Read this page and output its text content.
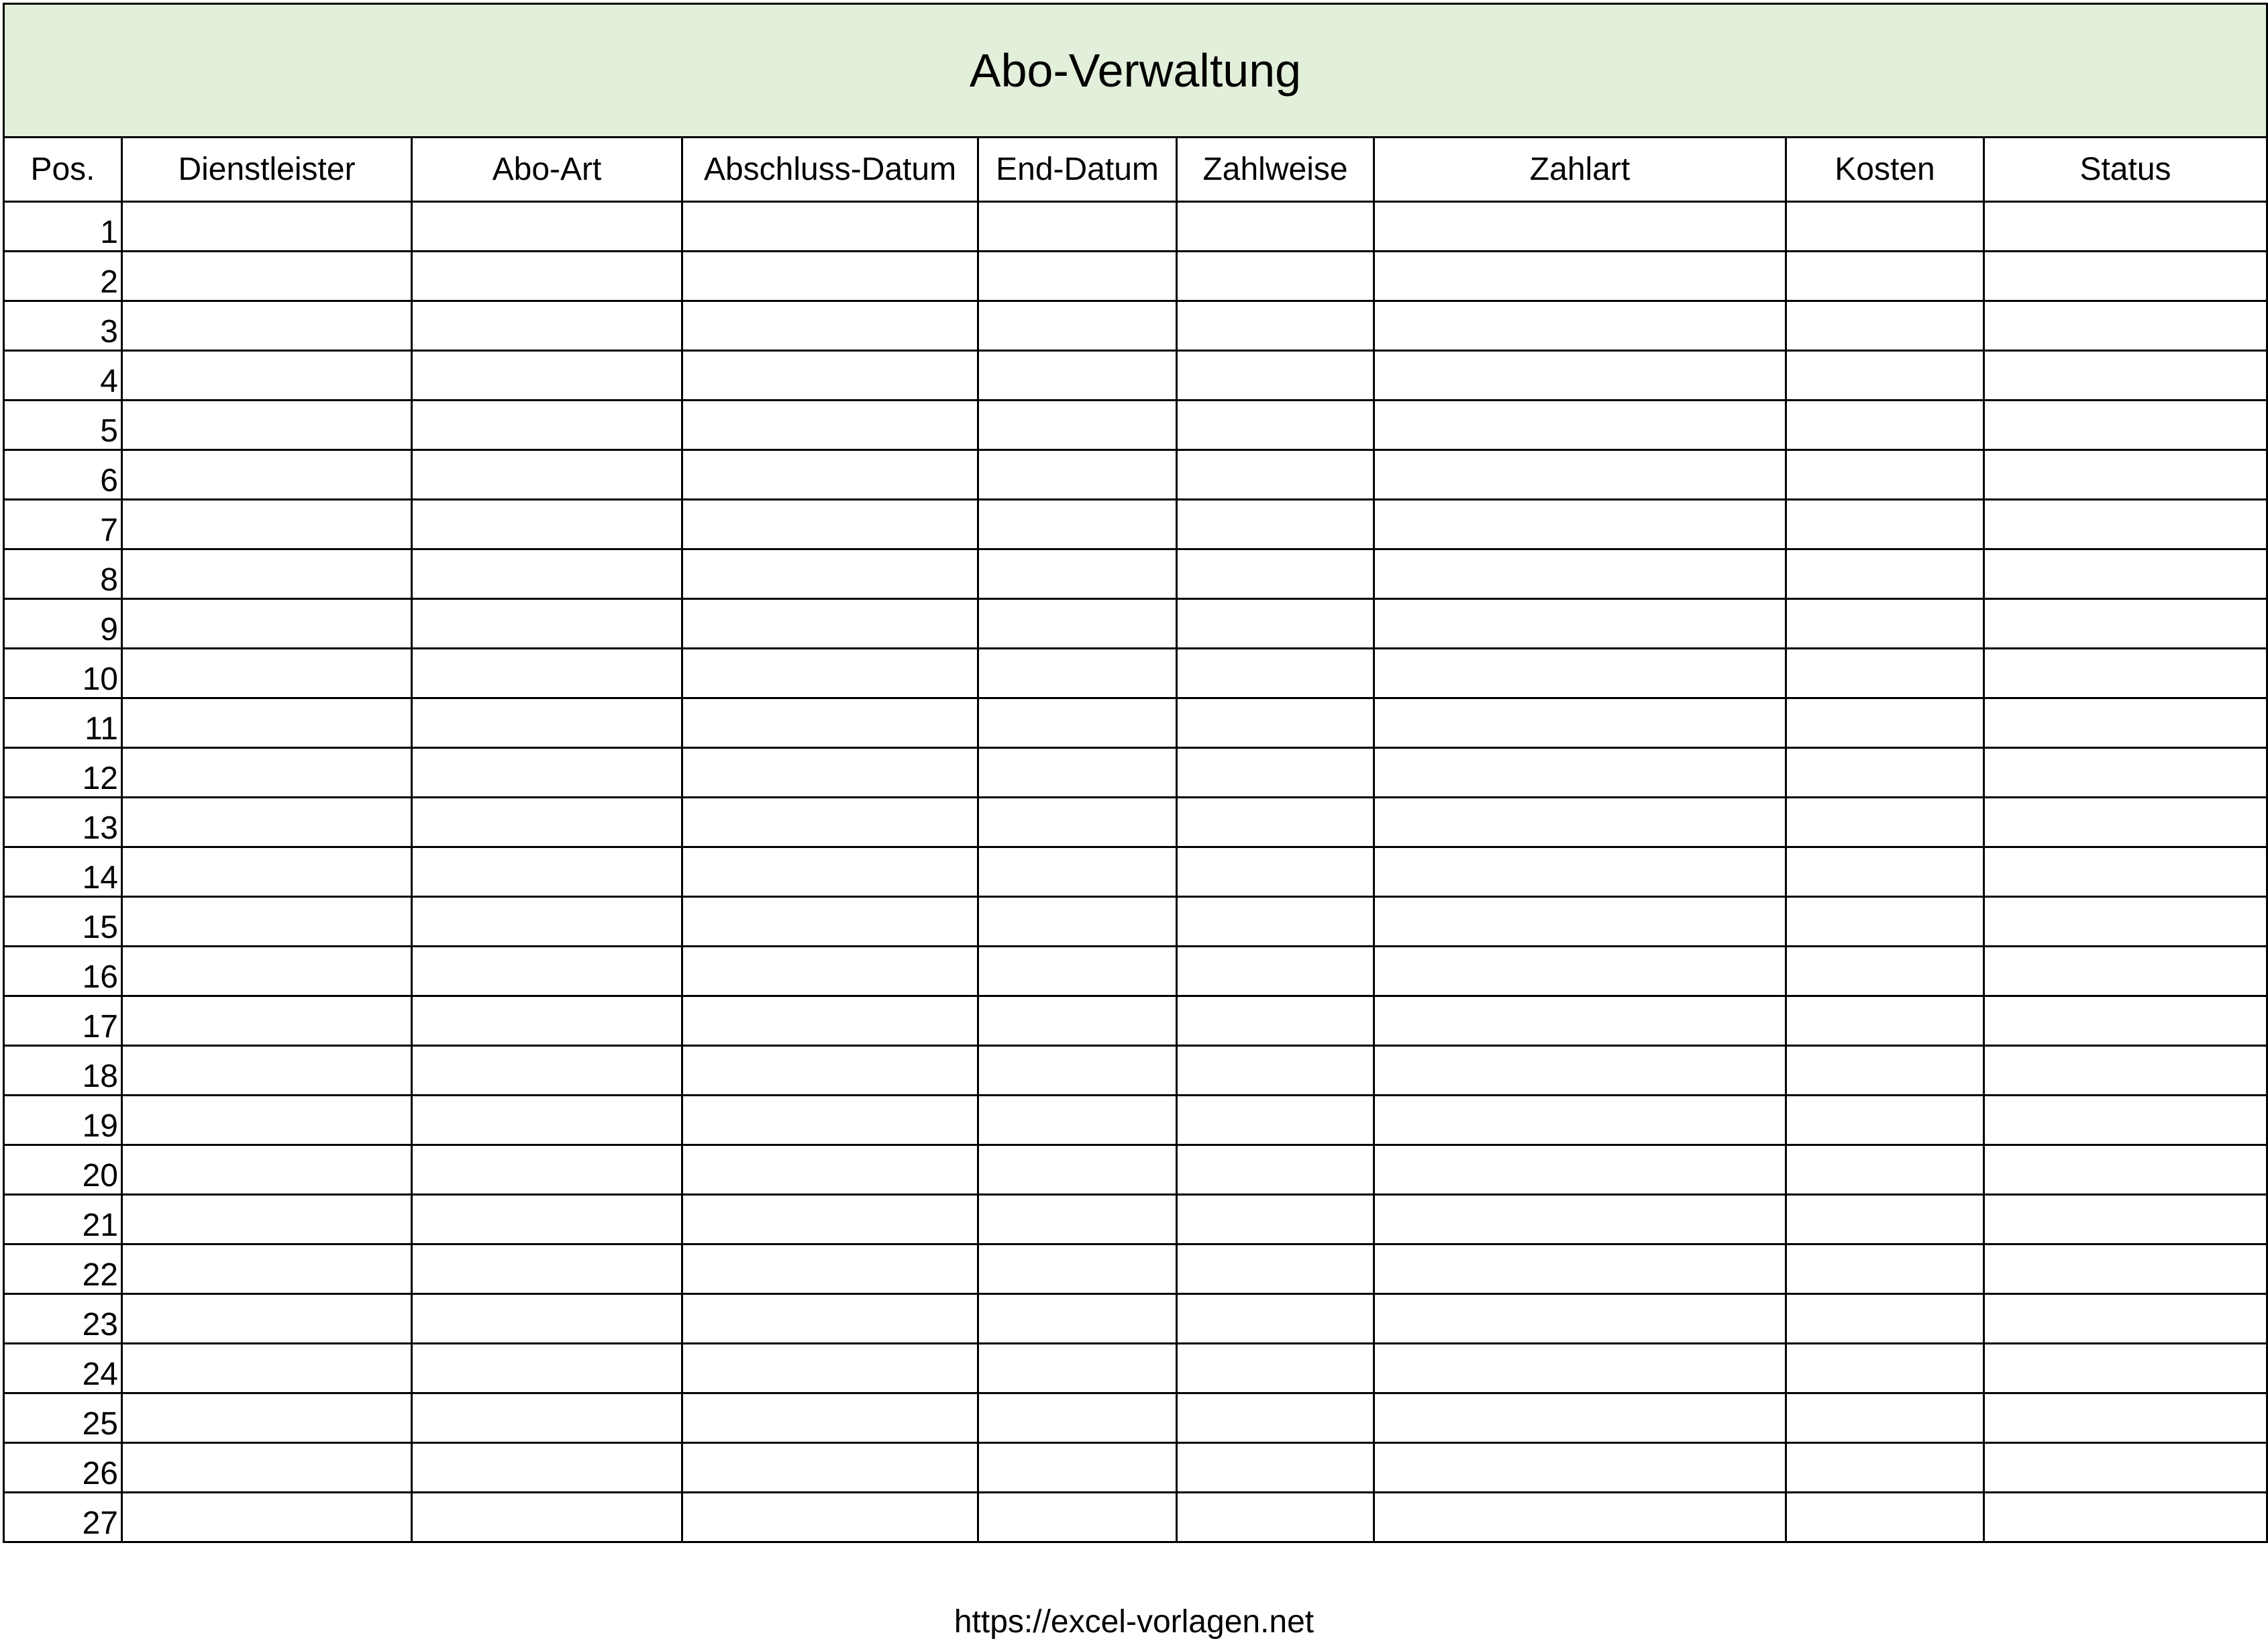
Abo-Verwaltung								
Pos.	Dienstleister	Abo-Art	Abschluss-Datum	End-Datum	Zahlweise	Zahlart	Kosten	Status
1								
2								
3								
4								
5								
6								
7								
8								
9								
10								
11								
12								
13								
14								
15								
16								
17								
18								
19								
20								
21								
22								
23								
24								
25								
26								
27								
https://excel-vorlagen.net
